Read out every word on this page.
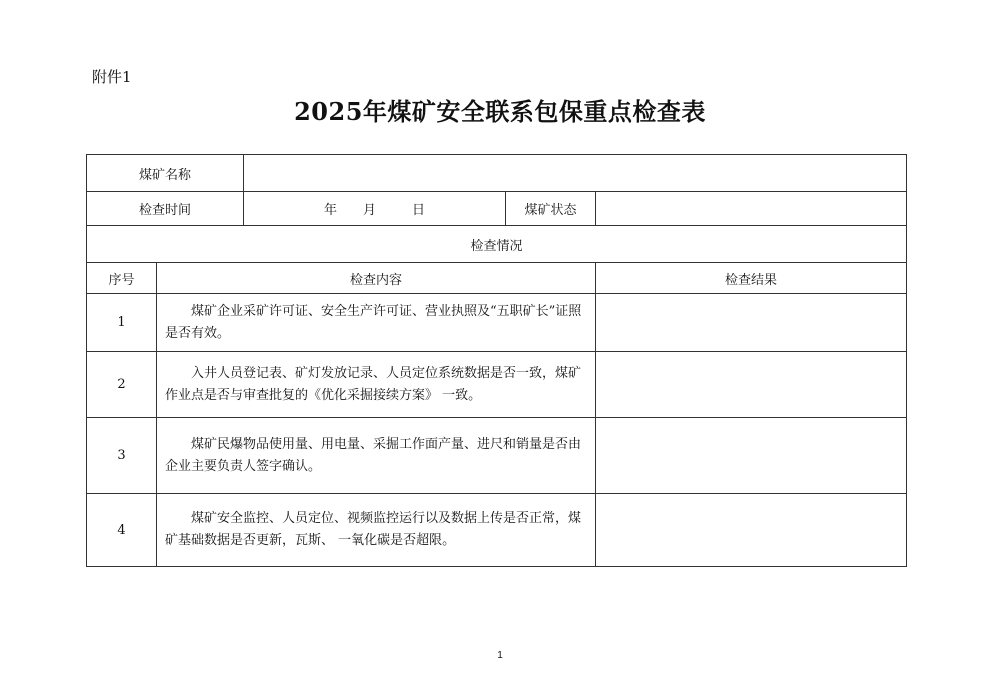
附件1
2025年煤矿安全联系包保重点检查表
煤矿名称				
检查时间		年 月 日	煤矿状态	
检查情况				
序号	检查内容			检查结果
1	煤矿企业采矿许可证、安全生产许可证、营业执照及“五职矿长”证照是否有效。			

2	入井人员登记表、矿灯发放记录、人员定位系统数据是否一致，煤矿作业点是否与审查批复的《优化采掘接续方案》 一致。			

3	煤矿民爆物品使用量、用电量、采掘工作面产量、进尺和销量是否由企业主要负责人签字确认。			

4	煤矿安全监控、人员定位、视频监控运行以及数据上传是否正常，煤矿基础数据是否更新，瓦斯、 一氧化碳是否超限。			

1
